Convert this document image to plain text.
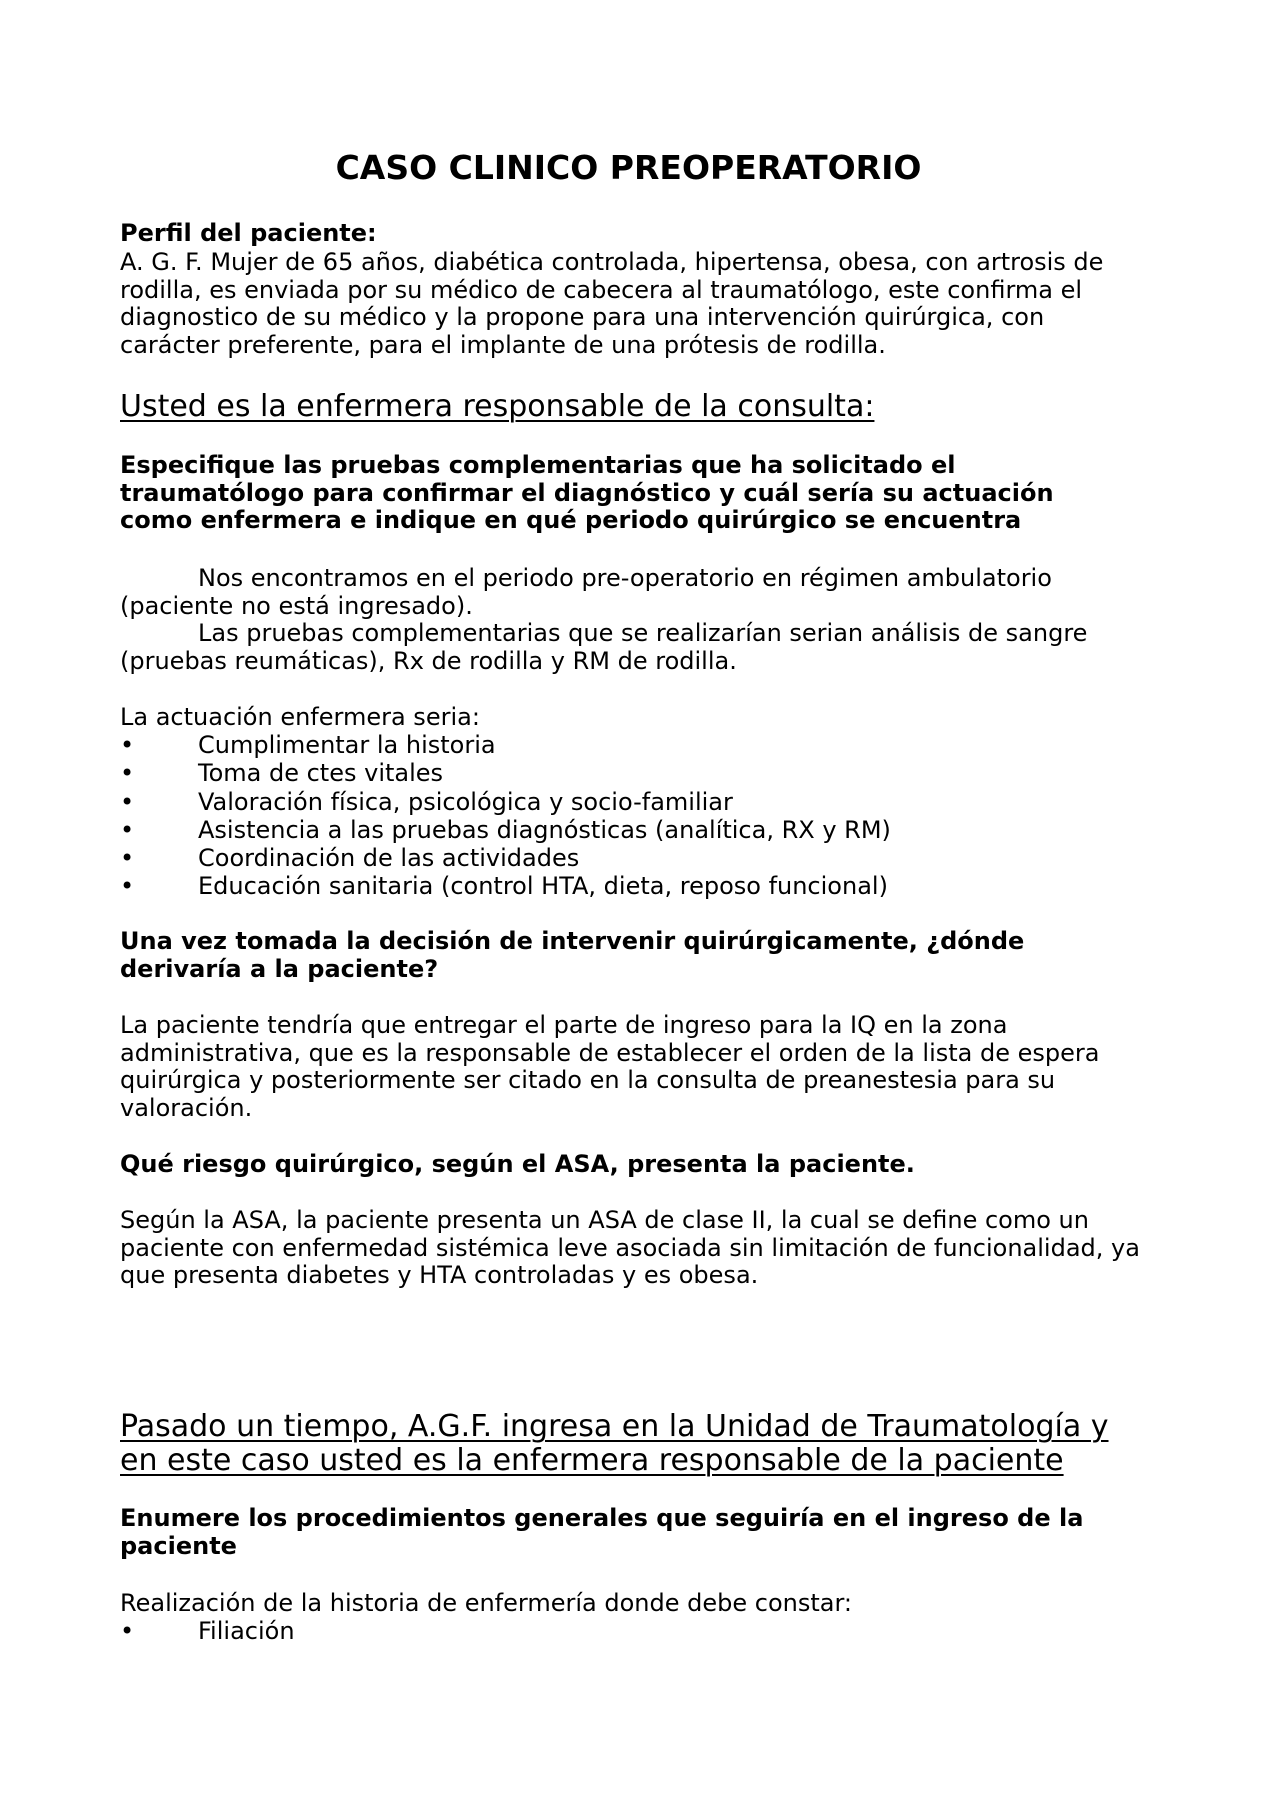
CASO CLINICO PREOPERATORIO

Perfil del paciente:

A. G. F. Mujer de 65 años, diabética controlada, hipertensa, obesa, con artrosis de rodilla, es enviada por su médico de cabecera al traumatólogo, este confirma el diagnostico de su médico y la propone para una intervención quirúrgica, con carácter preferente, para el implante de una prótesis de rodilla.

Usted es la enfermera responsable de la consulta:

Especifique las pruebas complementarias que ha solicitado el traumatólogo para confirmar el diagnóstico y cuál sería su actuación como enfermera e indique en qué periodo quirúrgico se encuentra

Nos encontramos en el periodo pre-operatorio en régimen ambulatorio (paciente no está ingresado).

Las pruebas complementarias que se realizarían serian análisis de sangre (pruebas reumáticas), Rx de rodilla y RM de rodilla.

La actuación enfermera seria:

•	Cumplimentar la historia
•	Toma de ctes vitales
•	Valoración física, psicológica y socio-familiar
•	Asistencia a las pruebas diagnósticas (analítica, RX y RM)
•	Coordinación de las actividades
•	Educación sanitaria (control HTA, dieta, reposo funcional)

Una vez tomada la decisión de intervenir quirúrgicamente, ¿dónde derivaría a la paciente?

La paciente tendría que entregar el parte de ingreso para la IQ en la zona administrativa, que es la responsable de establecer el orden de la lista de espera quirúrgica y posteriormente ser citado en la consulta de preanestesia para su valoración.

Qué riesgo quirúrgico, según el ASA, presenta la paciente.

Según la ASA, la paciente presenta un ASA de clase II, la cual se define como un paciente con enfermedad sistémica leve asociada sin limitación de funcionalidad, ya que presenta diabetes y HTA controladas y es obesa.

Pasado un tiempo, A.G.F. ingresa en la Unidad de Traumatología y en este caso usted es la enfermera responsable de la paciente

Enumere los procedimientos generales que seguiría en el ingreso de la paciente

Realización de la historia de enfermería donde debe constar:

•	Filiación
